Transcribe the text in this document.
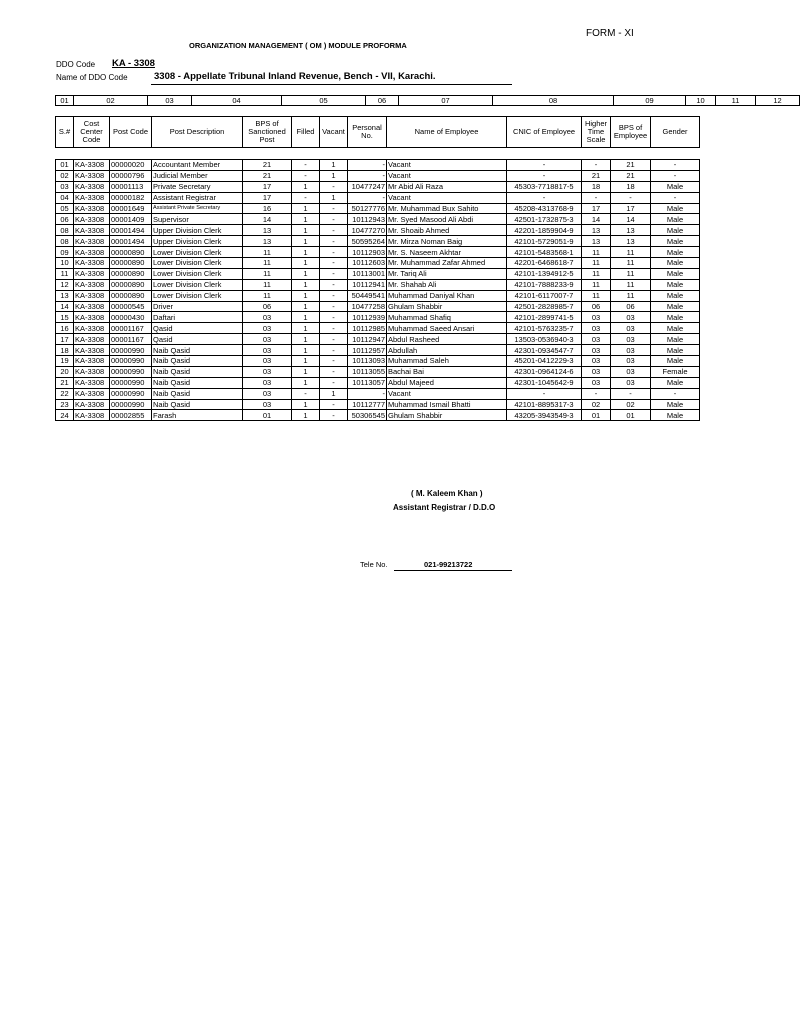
FORM - XI
ORGANIZATION MANAGEMENT ( OM ) MODULE PROFORMA
DDO Code KA - 3308
Name of DDO Code	3308 - Appellate Tribunal Inland Revenue, Bench - VII, Karachi.
01	02	03	04	05	06	07	08	09	10	11	12
S.#	Cost Center Code	Post Code	Post Description	BPS of Sanctioned Post	Filled	Vacant	Personal No.	Name of Employee	CNIC of Employee	Higher Time Scale	BPS of Employee	Gender
01	KA-3308	00000020	Accountant Member	21	-	1	-	Vacant	-	-	21	-
02	KA-3308	00000796	Judicial Member	21	-	1	-	Vacant	-	21	21	-
03	KA-3308	00001113	Private Secretary	17	1	-	10477247	Mr Abid Ali Raza	45303-7718817-5	18	18	Male
04	KA-3308	00000182	Assistant Registrar	17	-	1	-	Vacant	-	-	-	-
05	KA-3308	00001649	Assistant Private Secretary	16	1	-	50127776	Mr. Muhammad Bux Sahito	45208-4313768-9	17	17	Male
06	KA-3308	00001409	Supervisor	14	1	-	10112943	Mr. Syed Masood Ali Abdi	42501-1732875-3	14	14	Male
08	KA-3308	00001494	Upper Division Clerk	13	1	-	10477270	Mr. Shoaib Ahmed	42201-1859904-9	13	13	Male
08	KA-3308	00001494	Upper Division Clerk	13	1	-	50595264	Mr. Mirza Noman Baig	42101-5729051-9	13	13	Male
09	KA-3308	00000890	Lower Division Clerk	11	1	-	10112903	Mr. S. Naseem Akhtar	42101-5483568-1	11	11	Male
10	KA-3308	00000890	Lower Division Clerk	11	1	-	10112603	Mr. Muhammad Zafar Ahmed	42201-6468618-7	11	11	Male
11	KA-3308	00000890	Lower Division Clerk	11	1	-	10113001	Mr. Tariq Ali	42101-1394912-5	11	11	Male
12	KA-3308	00000890	Lower Division Clerk	11	1	-	10112941	Mr. Shahab Ali	42101-7888233-9	11	11	Male
13	KA-3308	00000890	Lower Division Clerk	11	1	-	50449541	Muhammad Daniyal Khan	42101-6117007-7	11	11	Male
14	KA-3308	00000545	Driver	06	1	-	10477258	Ghulam Shabbir	42501-2828985-7	06	06	Male
15	KA-3308	00000430	Daftari	03	1	-	10112939	Muhammad Shafiq	42101-2899741-5	03	03	Male
16	KA-3308	00001167	Qasid	03	1	-	10112985	Muhammad Saeed Ansari	42101-5763235-7	03	03	Male
17	KA-3308	00001167	Qasid	03	1	-	10112947	Abdul Rasheed	13503-0536940-3	03	03	Male
18	KA-3308	00000990	Naib Qasid	03	1	-	10112957	Abdullah	42301-0934547-7	03	03	Male
19	KA-3308	00000990	Naib Qasid	03	1	-	10113093	Muhammad Saleh	45201-0412229-3	03	03	Male
20	KA-3308	00000990	Naib Qasid	03	1	-	10113055	Bachai Bai	42301-0964124-6	03	03	Female
21	KA-3308	00000990	Naib Qasid	03	1	-	10113057	Abdul Majeed	42301-1045642-9	03	03	Male
22	KA-3308	00000990	Naib Qasid	03	-	1	-	Vacant	-	-	-	-
23	KA-3308	00000990	Naib Qasid	03	1	-	10112777	Muhammad Ismail Bhatti	42101-8895317-3	02	02	Male
24	KA-3308	00002855	Farash	01	1	-	50306545	Ghulam Shabbir	43205-3943549-3	01	01	Male
( M. Kaleem Khan )
Assistant Registrar / D.D.O
Tele No.	021-99213722
